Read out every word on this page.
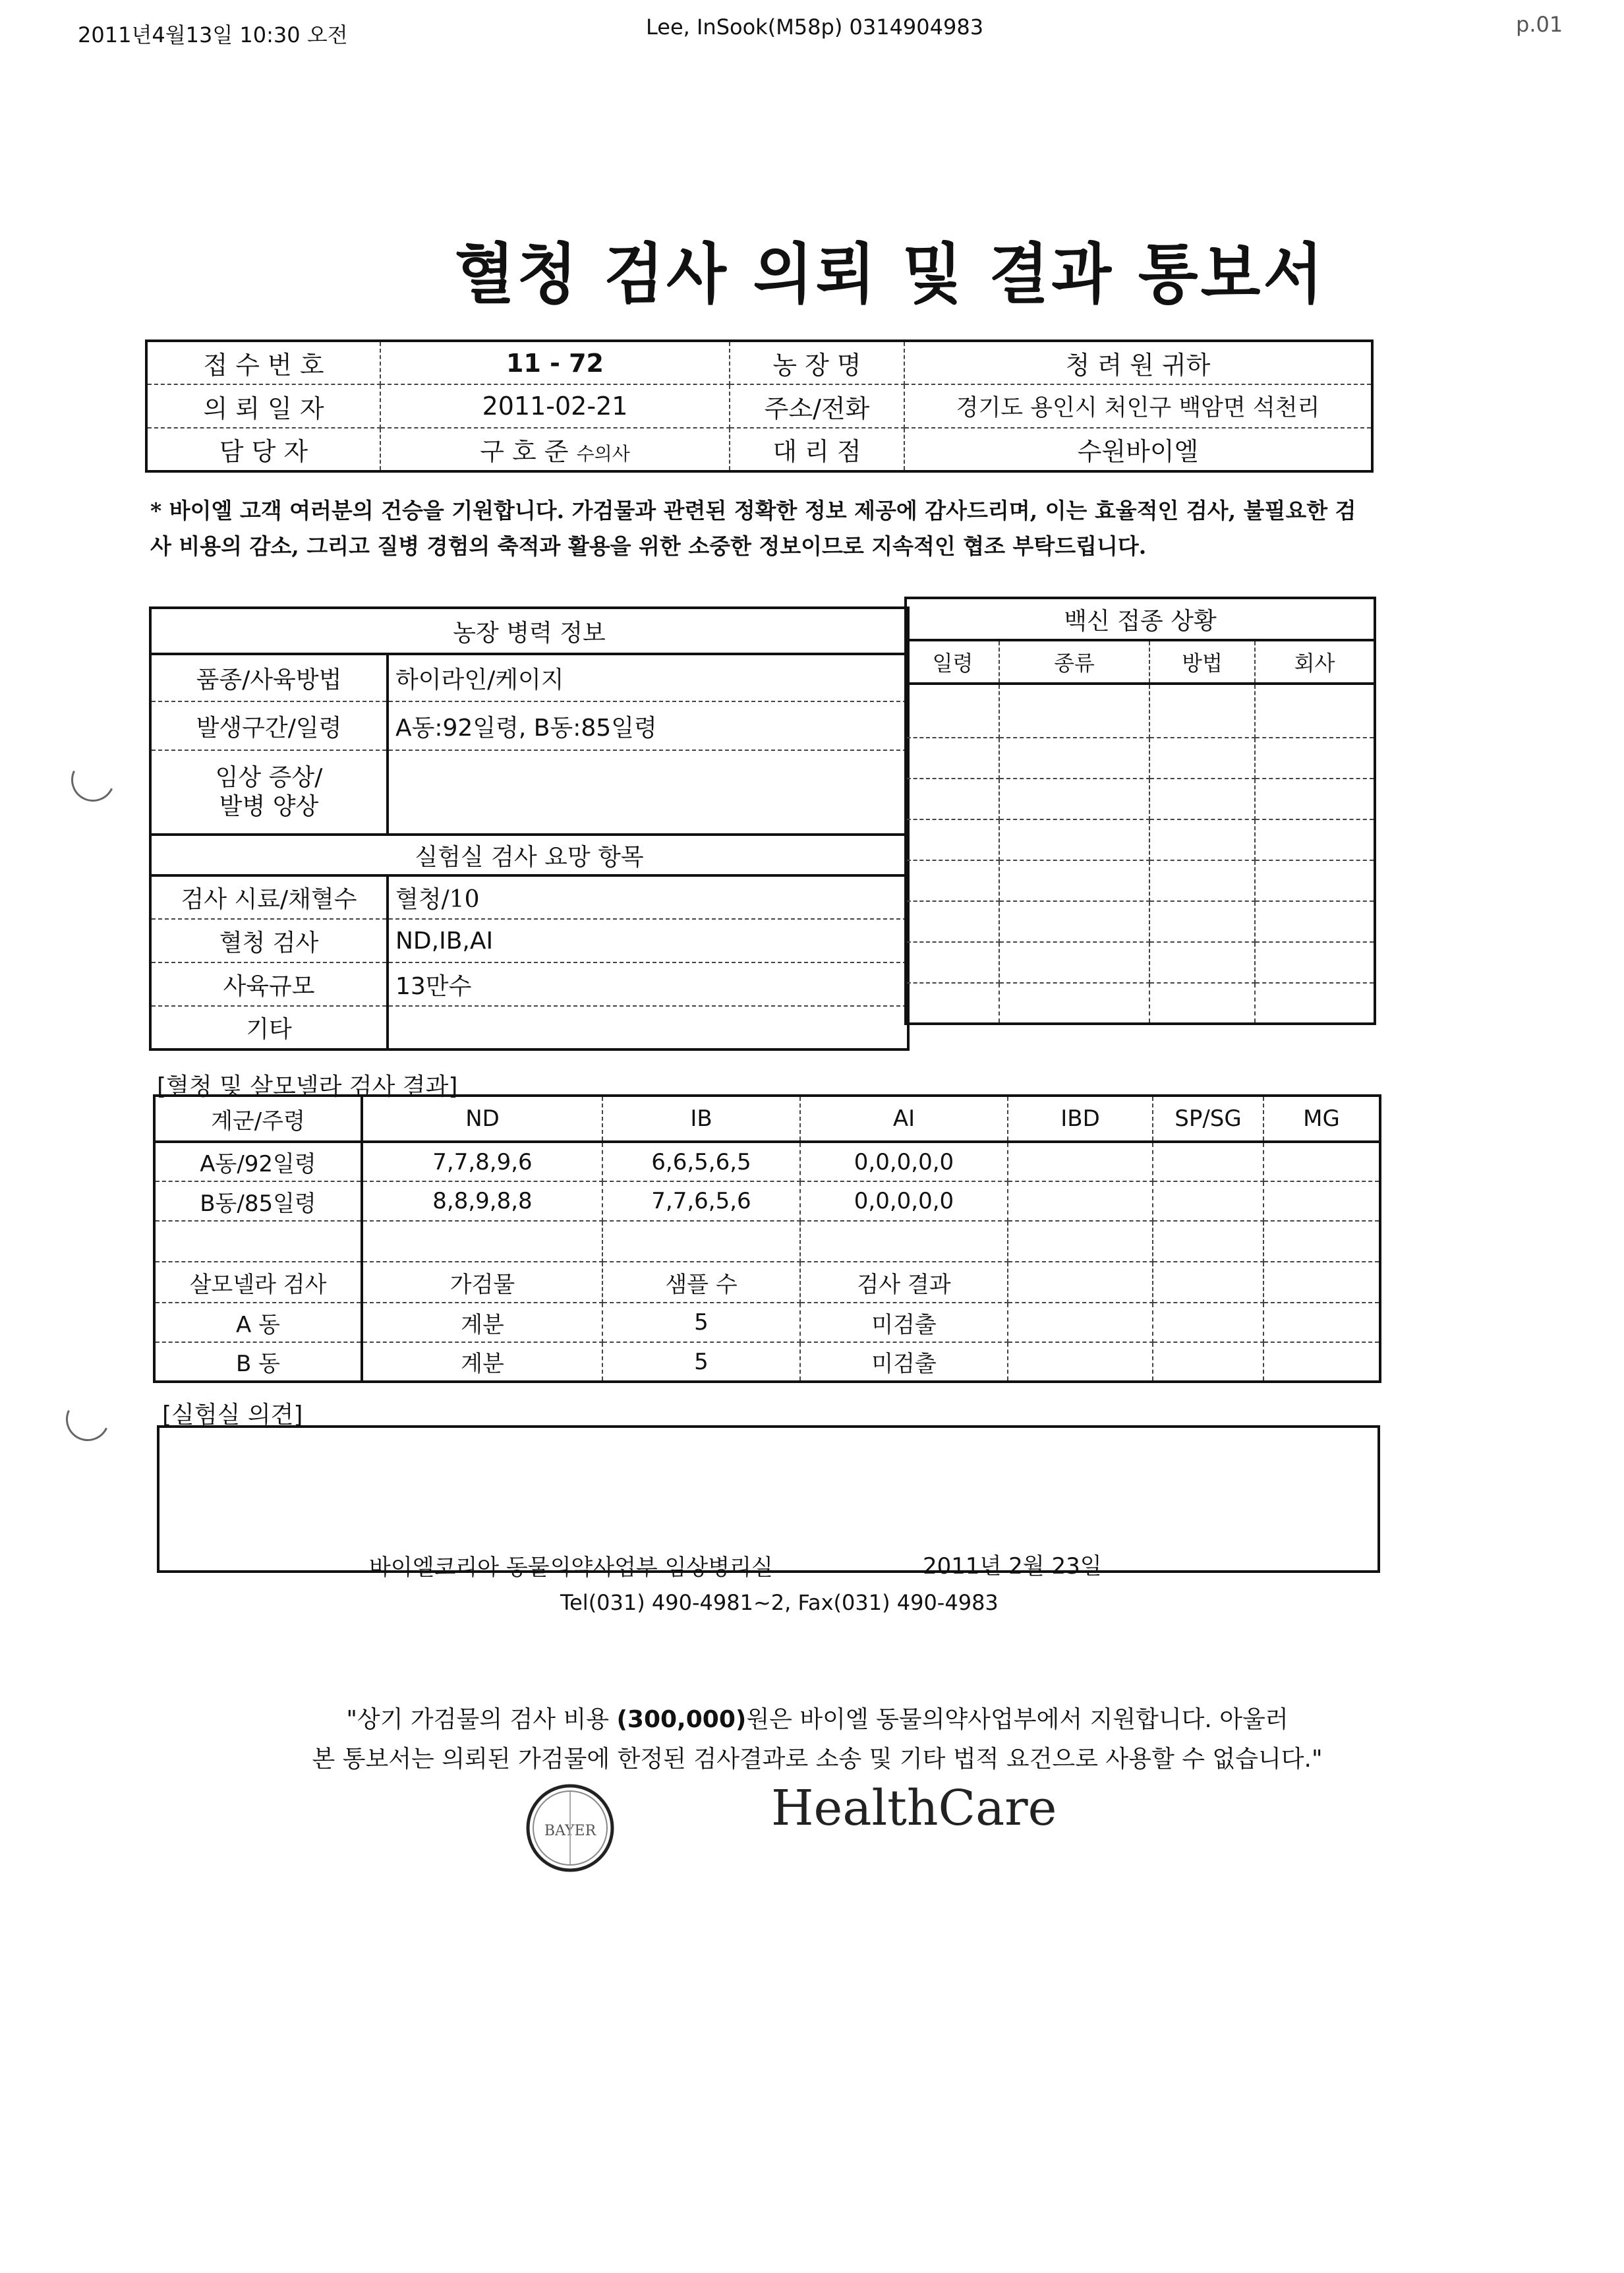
2011년4월13일 10:30 오전	Lee, InSook(M58p) 0314904983	p.01
혈청 검사 의뢰 및 결과 통보서
접 수 번 호	11 - 72	농 장 명	청 려 원 귀하
의 뢰 일 자	2011-02-21	주소/전화	경기도 용인시 처인구 백암면 석천리
담 당 자	구 호 준 수의사	대 리 점	수원바이엘
* 바이엘 고객 여러분의 건승을 기원합니다. 가검물과 관련된 정확한 정보 제공에 감사드리며, 이는 효율적인 검사, 불필요한 검사 비용의 감소, 그리고 질병 경험의 축적과 활용을 위한 소중한 정보이므로 지속적인 협조 부탁드립니다.
농장 병력 정보	
품종/사육방법	하이라인/케이지
발생구간/일령	A동:92일령, B동:85일령
임상 증상/
발병 양상	
실험실 검사 요망 항목	
검사 시료/채혈수	혈청/10
혈청 검사	ND,IB,AI
사육규모	13만수
기타	
백신 접종 상황			
일령	종류	방법	회사

[혈청 및 살모넬라 검사 결과]
계군/주령	ND	IB	AI	IBD	SP/SG	MG
A동/92일령	7,7,8,9,6	6,6,5,6,5	0,0,0,0,0			
B동/85일령	8,8,9,8,8	7,7,6,5,6	0,0,0,0,0			

살모넬라 검사	가검물	샘플 수	검사 결과			
A 동	계분	5	미검출			
B 동	계분	5	미검출			
[실험실 의견]
바이엘코리아 동물의약사업부 임상병리실	2011년 2월 23일
Tel(031) 490-4981~2, Fax(031) 490-4983
"상기 가검물의 검사 비용 (300,000)원은 바이엘 동물의약사업부에서 지원합니다. 아울러
본 통보서는 의뢰된 가검물에 한정된 검사결과로 소송 및 기타 법적 요건으로 사용할 수 없습니다."
BAYER	HealthCare
